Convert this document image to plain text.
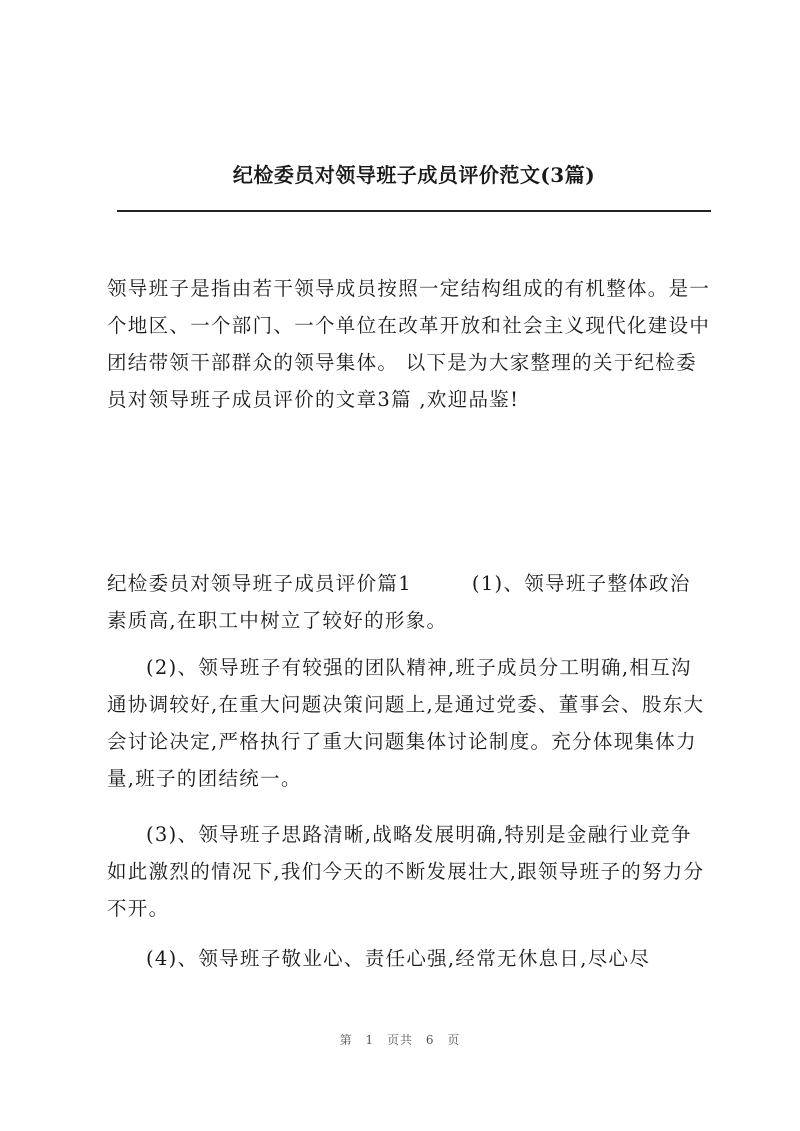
纪检委员对领导班子成员评价范文(3篇)

领导班子是指由若干领导成员按照一定结构组成的有机整体。是一个地区、一个部门、一个单位在改革开放和社会主义现代化建设中团结带领干部群众的领导集体。 以下是为大家整理的关于纪检委员对领导班子成员评价的文章3篇 ,欢迎品鉴!

纪检委员对领导班子成员评价篇1	(1)、领导班子整体政治素质高,在职工中树立了较好的形象。

(2)、领导班子有较强的团队精神,班子成员分工明确,相互沟通协调较好,在重大问题决策问题上,是通过党委、董事会、股东大会讨论决定,严格执行了重大问题集体讨论制度。充分体现集体力量,班子的团结统一。

(3)、领导班子思路清晰,战略发展明确,特别是金融行业竞争如此激烈的情况下,我们今天的不断发展壮大,跟领导班子的努力分不开。

(4)、领导班子敬业心、责任心强,经常无休息日,尽心尽

第 1 页共 6 页
